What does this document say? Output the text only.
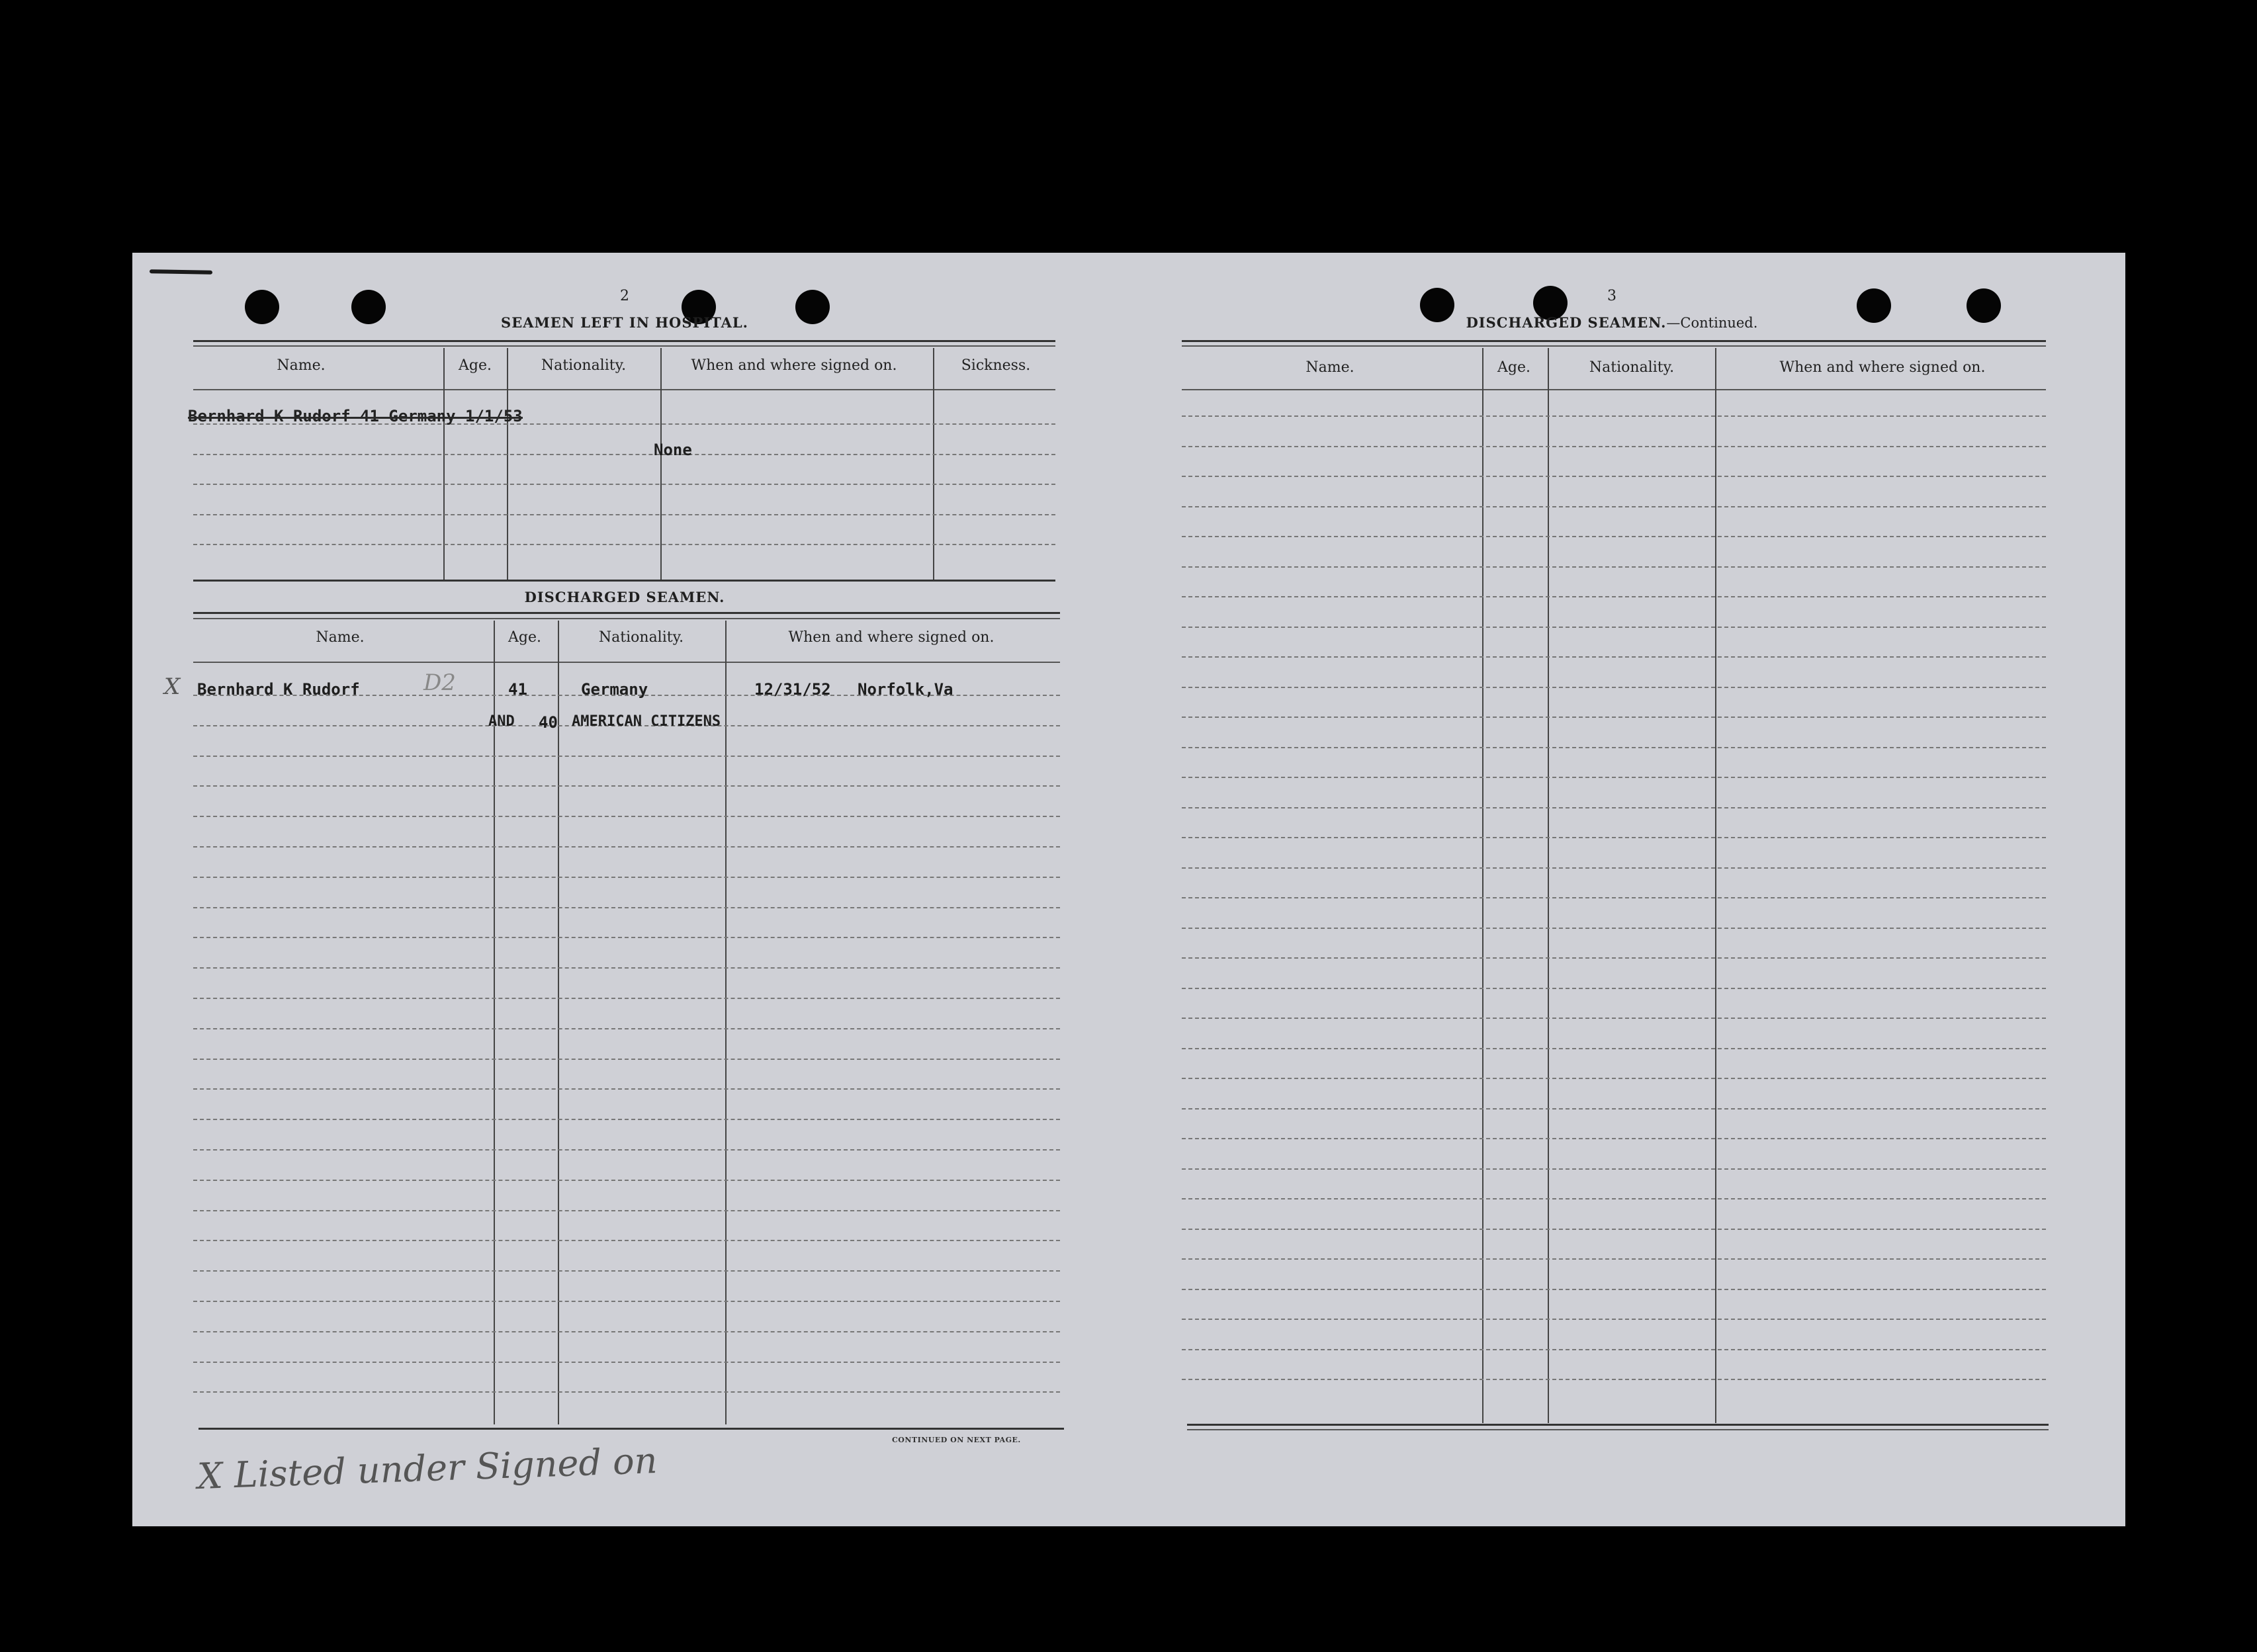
2
SEAMEN LEFT IN HOSPITAL.
Name.	Age.	Nationality.	When and where signed on.	Sickness.
Bernhard K Rudorf 41 Germany 1/1/53
None
DISCHARGED SEAMEN.
Name.	Age.	Nationality.	When and where signed on.
X Bernhard K Rudorf	D2	41	Germany	12/31/52 Norfolk,Va
AND 40 AMERICAN CITIZENS
CONTINUED ON NEXT PAGE.
X Listed under Signed on
3
DISCHARGED SEAMEN.—Continued.
Name.	Age.	Nationality.	When and where signed on.
